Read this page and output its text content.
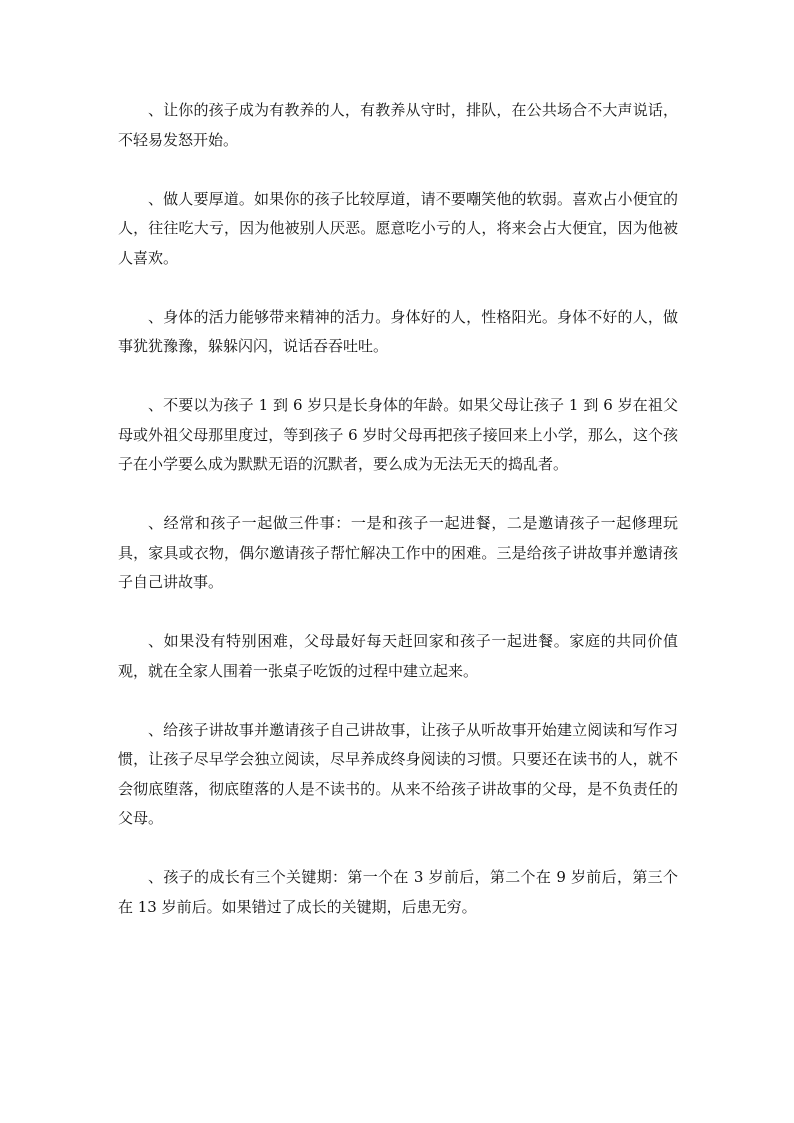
、让你的孩子成为有教养的人，有教养从守时，排队，在公共场合不大声说话，不轻易发怒开始。

、做人要厚道。如果你的孩子比较厚道，请不要嘲笑他的软弱。喜欢占小便宜的人，往往吃大亏，因为他被别人厌恶。愿意吃小亏的人，将来会占大便宜，因为他被人喜欢。

、身体的活力能够带来精神的活力。身体好的人，性格阳光。身体不好的人，做事犹犹豫豫，躲躲闪闪，说话吞吞吐吐。

、不要以为孩子 1 到 6 岁只是长身体的年龄。如果父母让孩子 1 到 6 岁在祖父母或外祖父母那里度过，等到孩子 6 岁时父母再把孩子接回来上小学，那么，这个孩子在小学要么成为默默无语的沉默者，要么成为无法无天的捣乱者。

、经常和孩子一起做三件事：一是和孩子一起进餐，二是邀请孩子一起修理玩具，家具或衣物，偶尔邀请孩子帮忙解决工作中的困难。三是给孩子讲故事并邀请孩子自己讲故事。

、如果没有特别困难，父母最好每天赶回家和孩子一起进餐。家庭的共同价值观，就在全家人围着一张桌子吃饭的过程中建立起来。

、给孩子讲故事并邀请孩子自己讲故事，让孩子从听故事开始建立阅读和写作习惯，让孩子尽早学会独立阅读，尽早养成终身阅读的习惯。只要还在读书的人，就不会彻底堕落，彻底堕落的人是不读书的。从来不给孩子讲故事的父母，是不负责任的父母。

、孩子的成长有三个关键期：第一个在 3 岁前后，第二个在 9 岁前后，第三个在 13 岁前后。如果错过了成长的关键期，后患无穷。
